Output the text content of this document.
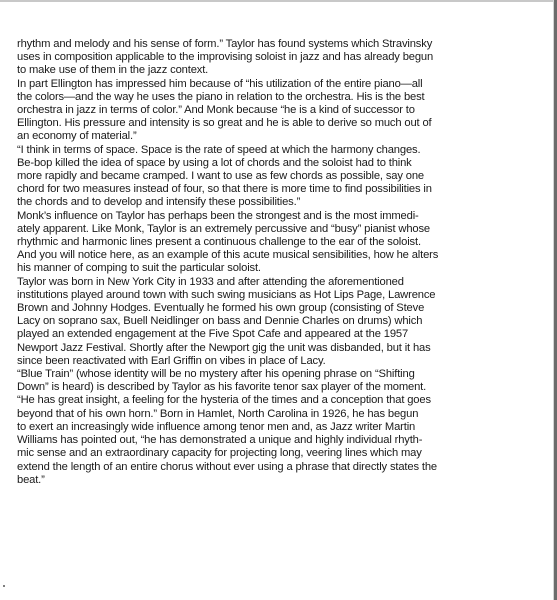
rhythm and melody and his sense of form.” Taylor has found systems which Stravinsky
uses in composition applicable to the improvising soloist in jazz and has already begun
to make use of them in the jazz context.

In part Ellington has impressed him because of “his utilization of the entire piano—all
the colors—and the way he uses the piano in relation to the orchestra. His is the best
orchestra in jazz in terms of color.” And Monk because “he is a kind of successor to
Ellington. His pressure and intensity is so great and he is able to derive so much out of
an economy of material.”

“I think in terms of space. Space is the rate of speed at which the harmony changes.
Be-bop killed the idea of space by using a lot of chords and the soloist had to think
more rapidly and became cramped. I want to use as few chords as possible, say one
chord for two measures instead of four, so that there is more time to find possibilities in
the chords and to develop and intensify these possibilities.”

Monk’s influence on Taylor has perhaps been the strongest and is the most immedi-
ately apparent. Like Monk, Taylor is an extremely percussive and “busy” pianist whose
rhythmic and harmonic lines present a continuous challenge to the ear of the soloist.
And you will notice here, as an example of this acute musical sensibilities, how he alters
his manner of comping to suit the particular soloist.

Taylor was born in New York City in 1933 and after attending the aforementioned
institutions played around town with such swing musicians as Hot Lips Page, Lawrence
Brown and Johnny Hodges. Eventually he formed his own group (consisting of Steve
Lacy on soprano sax, Buell Neidlinger on bass and Dennie Charles on drums) which
played an extended engagement at the Five Spot Cafe and appeared at the 1957
Newport Jazz Festival. Shortly after the Newport gig the unit was disbanded, but it has
since been reactivated with Earl Griffin on vibes in place of Lacy.

“Blue Train” (whose identity will be no mystery after his opening phrase on “Shifting
Down” is heard) is described by Taylor as his favorite tenor sax player of the moment.
“He has great insight, a feeling for the hysteria of the times and a conception that goes
beyond that of his own horn.” Born in Hamlet, North Carolina in 1926, he has begun
to exert an increasingly wide influence among tenor men and, as Jazz writer Martin
Williams has pointed out, “he has demonstrated a unique and highly individual rhyth-
mic sense and an extraordinary capacity for projecting long, veering lines which may
extend the length of an entire chorus without ever using a phrase that directly states the
beat.”
